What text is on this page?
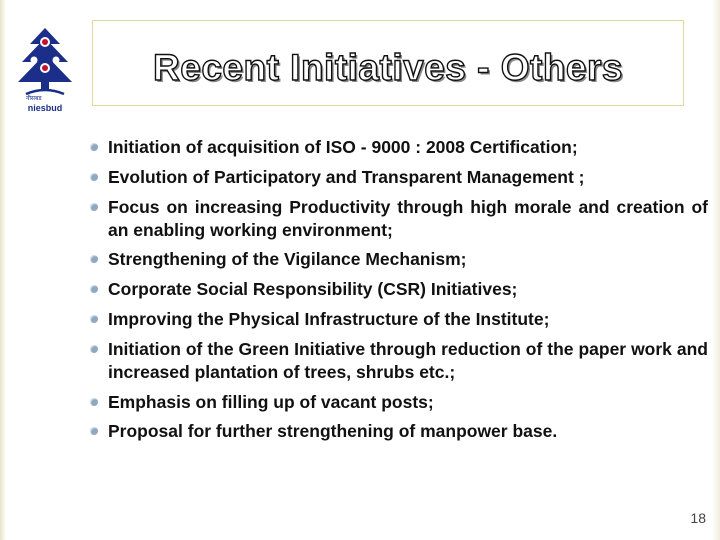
नीसबड
niesbud
Recent Initiatives - Others
Initiation of acquisition of ISO - 9000 : 2008 Certification;
Evolution of Participatory and Transparent Management ;
Focus on increasing Productivity through high morale and creation of an enabling working environment;
Strengthening of the Vigilance Mechanism;
Corporate Social Responsibility (CSR) Initiatives;
Improving the Physical Infrastructure of the Institute;
Initiation of the Green Initiative through reduction of the paper work and increased plantation of trees, shrubs etc.;
Emphasis on filling up of vacant posts;
Proposal for further strengthening of manpower base.
18
